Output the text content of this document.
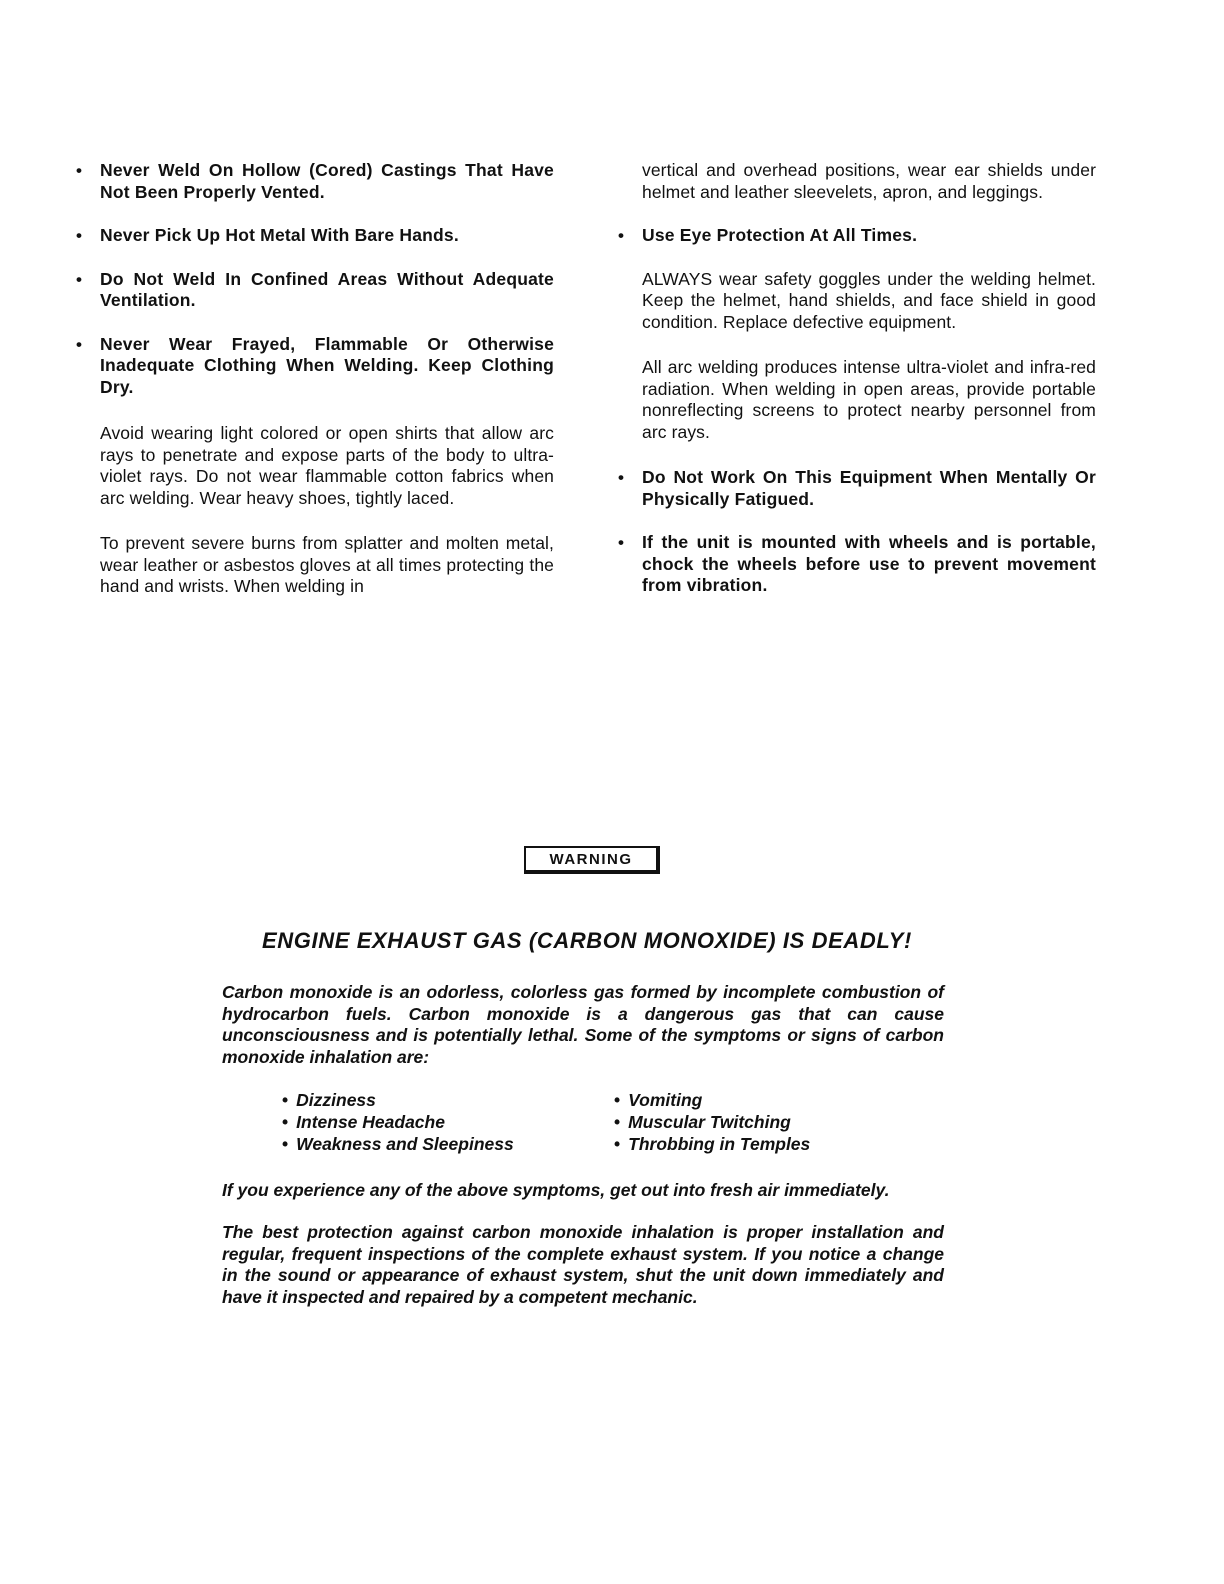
• Never Weld On Hollow (Cored) Castings That Have Not Been Properly Vented.
• Never Pick Up Hot Metal With Bare Hands.
• Do Not Weld In Confined Areas Without Adequate Ventilation.
• Never Wear Frayed, Flammable Or Otherwise Inadequate Clothing When Welding. Keep Clothing Dry.
Avoid wearing light colored or open shirts that allow arc rays to penetrate and expose parts of the body to ultra-violet rays. Do not wear flammable cotton fabrics when arc welding. Wear heavy shoes, tightly laced.
To prevent severe burns from splatter and molten metal, wear leather or asbestos gloves at all times protecting the hand and wrists. When welding in
vertical and overhead positions, wear ear shields under helmet and leather sleevelets, apron, and leggings.
• Use Eye Protection At All Times.
ALWAYS wear safety goggles under the welding helmet. Keep the helmet, hand shields, and face shield in good condition. Replace defective equipment.
All arc welding produces intense ultra-violet and infra-red radiation. When welding in open areas, provide portable nonreflecting screens to protect nearby personnel from arc rays.
• Do Not Work On This Equipment When Mentally Or Physically Fatigued.
• If the unit is mounted with wheels and is portable, chock the wheels before use to prevent movement from vibration.
WARNING
ENGINE EXHAUST GAS (CARBON MONOXIDE) IS DEADLY!
Carbon monoxide is an odorless, colorless gas formed by incomplete combustion of hydrocarbon fuels. Carbon monoxide is a dangerous gas that can cause unconsciousness and is potentially lethal. Some of the symptoms or signs of carbon monoxide inhalation are:
• Dizziness	• Vomiting
• Intense Headache	• Muscular Twitching
• Weakness and Sleepiness	• Throbbing in Temples
If you experience any of the above symptoms, get out into fresh air immediately.
The best protection against carbon monoxide inhalation is proper installation and regular, frequent inspections of the complete exhaust system. If you notice a change in the sound or appearance of exhaust system, shut the unit down immediately and have it inspected and repaired by a competent mechanic.
